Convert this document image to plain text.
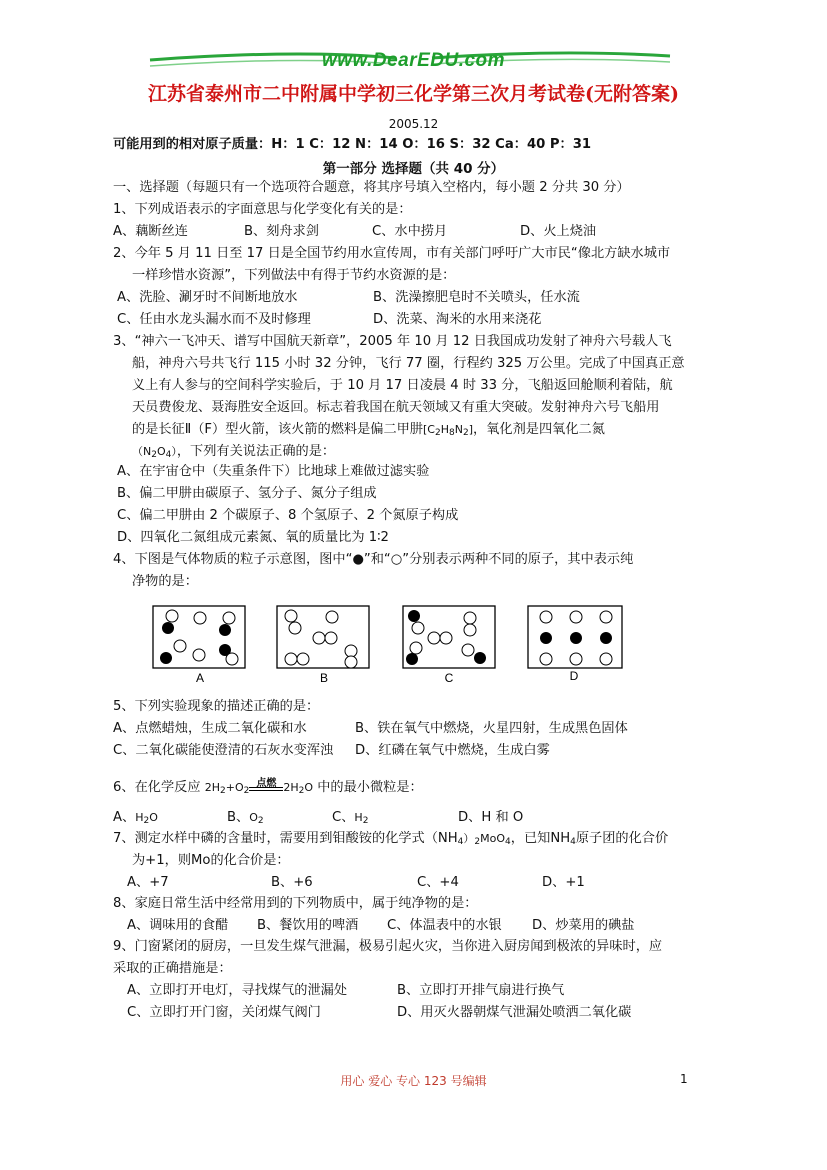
www.DearEDU.com
江苏省泰州市二中附属中学初三化学第三次月考试卷(无附答案)
2005.12
可能用到的相对原子质量：H：1 C：12 N：14 O：16 S：32 Ca：40 P：31
第一部分 选择题（共 40 分）
一、选择题（每题只有一个选项符合题意，将其序号填入空格内，每小题 2 分共 30 分）
1、下列成语表示的字面意思与化学变化有关的是：
A、藕断丝连	B、刻舟求剑	C、水中捞月	D、火上烧油
2、今年 5 月 11 日至 17 日是全国节约用水宣传周，市有关部门呼吁广大市民“像北方缺水城市
一样珍惜水资源”，下列做法中有得于节约水资源的是：
A、洗脸、涮牙时不间断地放水	B、洗澡擦肥皂时不关喷头，任水流
C、任由水龙头漏水而不及时修理	D、洗菜、淘米的水用来浇花
3、“神六一飞冲天、谱写中国航天新章”，2005 年 10 月 12 日我国成功发射了神舟六号载人飞
船，神舟六号共飞行 115 小时 32 分钟，飞行 77 圈，行程约 325 万公里。完成了中国真正意
义上有人参与的空间科学实验后，于 10 月 17 日凌晨 4 时 33 分，飞船返回舱顺利着陆，航
天员费俊龙、聂海胜安全返回。标志着我国在航天领域又有重大突破。发射神舟六号飞船用
的是长征Ⅱ（F）型火箭，该火箭的燃料是偏二甲肼$[C_2H_8N_2]$，氧化剂是四氧化二氮
$(N_2O_4)$，下列有关说法正确的是：
A、在宇宙仓中（失重条件下）比地球上难做过滤实验
B、偏二甲肼由碳原子、氢分子、氮分子组成
C、偏二甲肼由 2 个碳原子、8 个氢原子、2 个氮原子构成
D、四氧化二氮组成元素氮、氧的质量比为 1∶2
4、下图是气体物质的粒子示意图，图中“●”和“○”分别表示两种不同的原子，其中表示纯
净物的是：
A	B	C	D
5、下列实验现象的描述正确的是：
A、点燃蜡烛，生成二氧化碳和水	B、铁在氧气中燃烧，火星四射，生成黑色固体
C、二氧化碳能使澄清的石灰水变浑浊 D、红磷在氧气中燃烧，生成白雾
6、在化学反应 $2H_2+O_2$
点燃 $2H_2O$ 中的最小微粒是：
A、$H_2O$	B、$O_2$	C、$H_2$	D、H 和 O
7、测定水样中磷的含量时，需要用到钼酸铵的化学式$(NH_4)_2MoO_4$，已知$NH_4$原子团的化合价
为+1，则Mo的化合价是：
A、+7	B、+6	C、+4	D、+1
8、家庭日常生活中经常用到的下列物质中，属于纯净物的是：
A、调味用的食醋 B、餐饮用的啤酒 C、体温表中的水银 D、炒菜用的碘盐
9、门窗紧闭的厨房，一旦发生煤气泄漏，极易引起火灾，当你进入厨房闻到极浓的异味时，应
采取的正确措施是：
A、立即打开电灯，寻找煤气的泄漏处	B、立即打开排气扇进行换气
C、立即打开门窗，关闭煤气阀门	D、用灭火器朝煤气泄漏处喷洒二氧化碳
用心 爱心 专心 123 号编辑	1
